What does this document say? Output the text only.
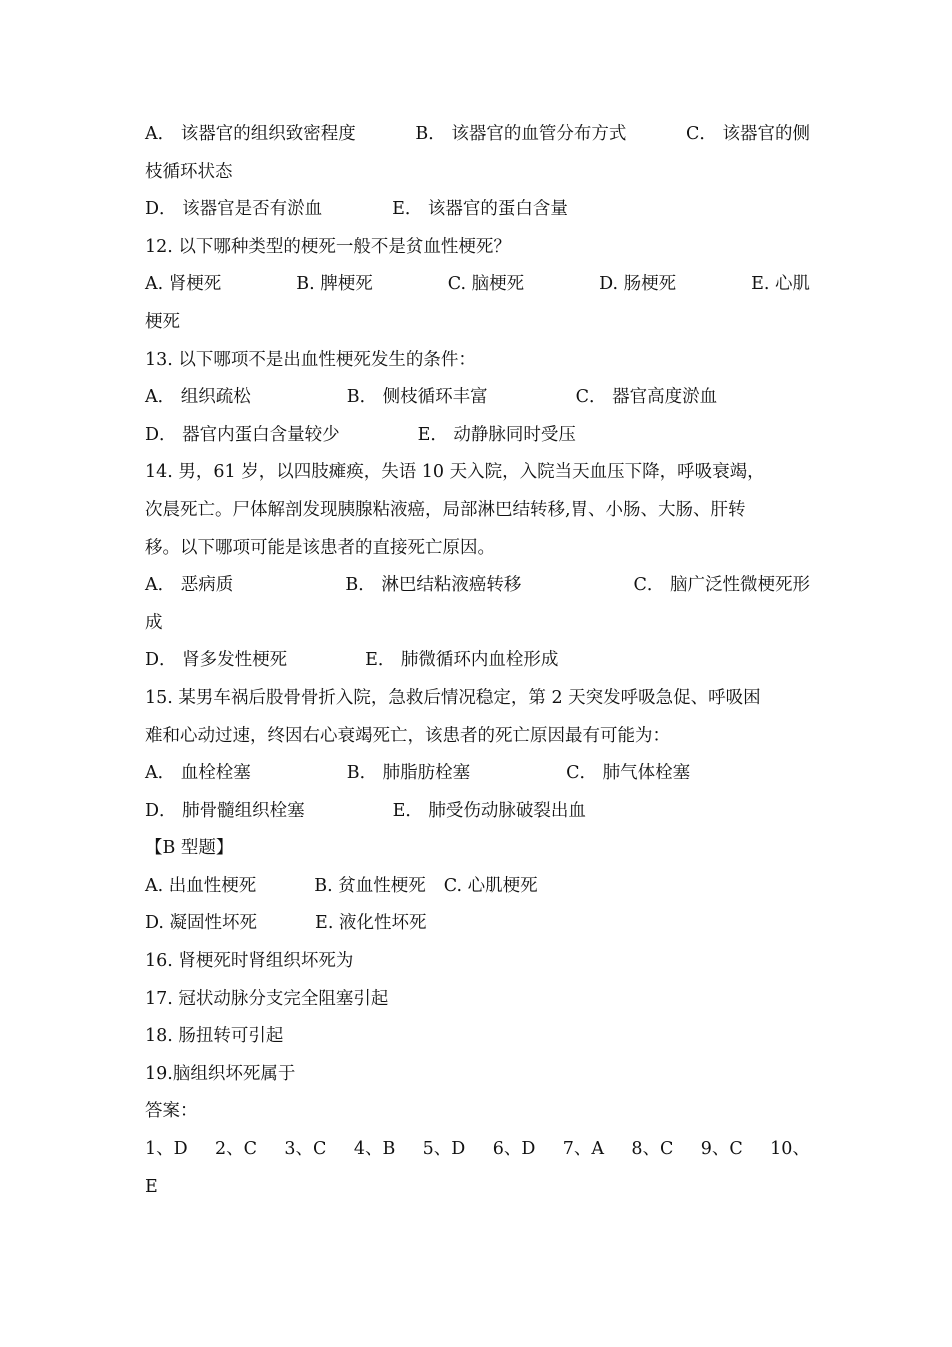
A． 该器官的组织致密程度	B． 该器官的血管分布方式	C． 该器官的侧
枝循环状态
D． 该器官是否有淤血	E． 该器官的蛋白含量
12. 以下哪种类型的梗死一般不是贫血性梗死？
A. 肾梗死	B. 脾梗死	C. 脑梗死	D. 肠梗死	E. 心肌
梗死
13. 以下哪项不是出血性梗死发生的条件：
A． 组织疏松	B． 侧枝循环丰富	C． 器官高度淤血
D． 器官内蛋白含量较少	E． 动静脉同时受压
14. 男，61 岁，以四肢瘫痪，失语 10 天入院，入院当天血压下降，呼吸衰竭，
次晨死亡。尸体解剖发现胰腺粘液癌，局部淋巴结转移,胃、小肠、大肠、肝转
移。以下哪项可能是该患者的直接死亡原因。
A． 恶病质	B． 淋巴结粘液癌转移	C． 脑广泛性微梗死形
成
D． 肾多发性梗死	E． 肺微循环内血栓形成
15. 某男车祸后股骨骨折入院，急救后情况稳定，第 2 天突发呼吸急促、呼吸困
难和心动过速，终因右心衰竭死亡，该患者的死亡原因最有可能为：
A． 血栓栓塞	B． 肺脂肪栓塞	C． 肺气体栓塞
D． 肺骨髓组织栓塞	E． 肺受伤动脉破裂出血
【B 型题】
A. 出血性梗死	B. 贫血性梗死 C. 心肌梗死
D. 凝固性坏死	E. 液化性坏死
16. 肾梗死时肾组织坏死为
17. 冠状动脉分支完全阻塞引起
18. 肠扭转可引起
19.脑组织坏死属于
答案：
1、D 2、C 3、C 4、B 5、D 6、D 7、A 8、C 9、C 10、
E
